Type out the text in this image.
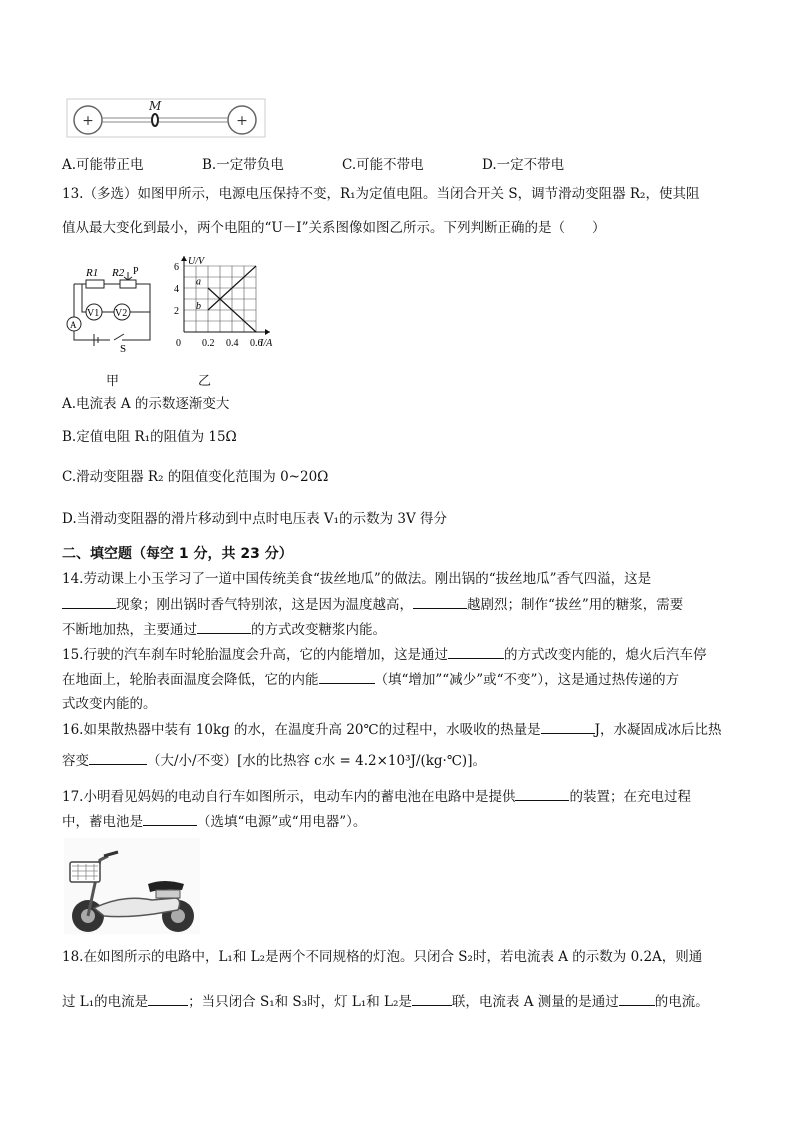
+	+
M
A.可能带正电	B.一定带负电	C.可能不带电	D.一定不带电
13.（多选）如图甲所示，电源电压保持不变，R₁为定值电阻。当闭合开关 S，调节滑动变阻器 R₂，使其阻
值从最大变化到最小，两个电阻的“U－I”关系图像如图乙所示。下列判断正确的是（　　）
R1 R2 P
V1 V2
A
S
U/V
I/A
0 0.2 0.4 0.6
2
4
6
a
b
甲	乙
A.电流表 A 的示数逐渐变大
B.定值电阻 R₁的阻值为 15Ω
C.滑动变阻器 R₂ 的阻值变化范围为 0~20Ω
D.当滑动变阻器的滑片移动到中点时电压表 V₁的示数为 3V 得分
二、填空题（每空 1 分，共 23 分）
14.劳动课上小玉学习了一道中国传统美食“拔丝地瓜”的做法。刚出锅的“拔丝地瓜”香气四溢，这是
现象；刚出锅时香气特别浓，这是因为温度越高，	越剧烈；制作“拔丝”用的糖浆，需要
不断地加热，主要通过	的方式改变糖浆内能。
15.行驶的汽车刹车时轮胎温度会升高，它的内能增加，这是通过	的方式改变内能的，熄火后汽车停
在地面上，轮胎表面温度会降低，它的内能	（填“增加”“减少”或“不变”），这是通过热传递的方
式改变内能的。
16.如果散热器中装有 10kg 的水，在温度升高 20℃的过程中，水吸收的热量是	J，水凝固成冰后比热
容变	（大/小/不变）[水的比热容 c水 = 4.2×10³J/(kg·℃)]。
17.小明看见妈妈的电动自行车如图所示，电动车内的蓄电池在电路中是提供	的装置；在充电过程
中，蓄电池是	（选填“电源”或“用电器”）。
18.在如图所示的电路中，L₁和 L₂是两个不同规格的灯泡。只闭合 S₂时，若电流表 A 的示数为 0.2A，则通
过 L₁的电流是	；当只闭合 S₁和 S₃时，灯 L₁和 L₂是	联，电流表 A 测量的是通过	的电流。
